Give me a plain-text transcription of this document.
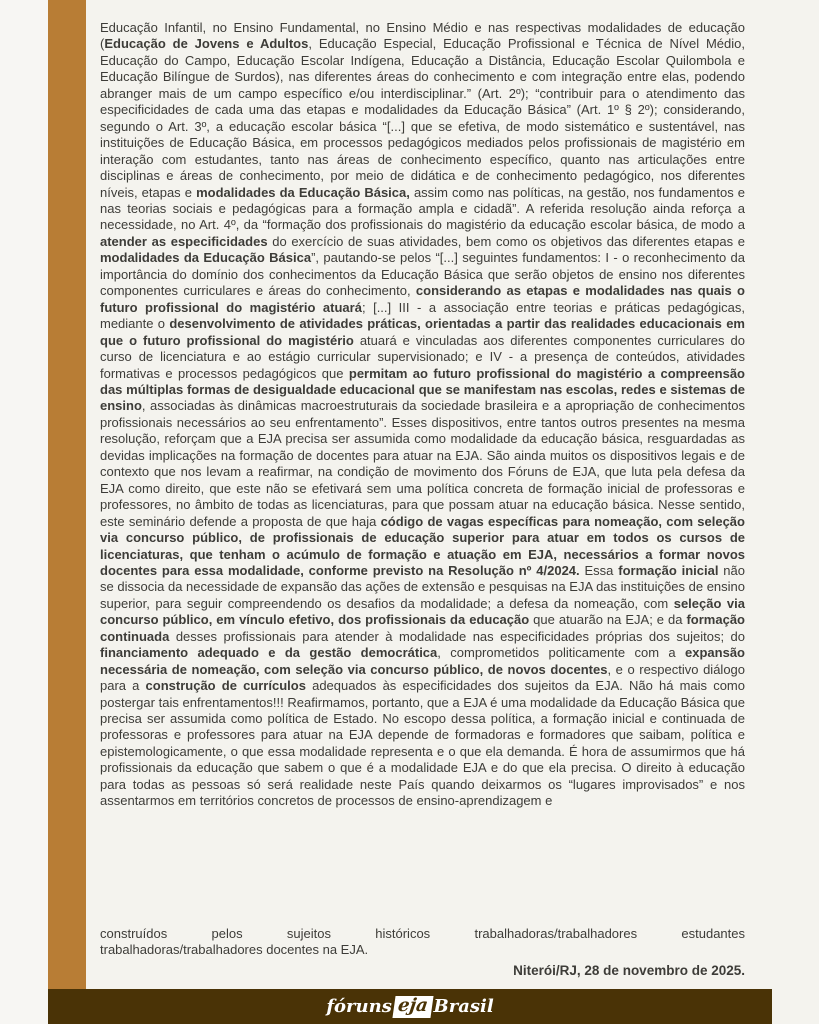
Educação Infantil, no Ensino Fundamental, no Ensino Médio e nas respectivas modalidades de educação (Educação de Jovens e Adultos, Educação Especial, Educação Profissional e Técnica de Nível Médio, Educação do Campo, Educação Escolar Indígena, Educação a Distância, Educação Escolar Quilombola e Educação Bilíngue de Surdos), nas diferentes áreas do conhecimento e com integração entre elas, podendo abranger mais de um campo específico e/ou interdisciplinar.” (Art. 2º); “contribuir para o atendimento das especificidades de cada uma das etapas e modalidades da Educação Básica” (Art. 1º § 2º); considerando, segundo o Art. 3º, a educação escolar básica “[...] que se efetiva, de modo sistemático e sustentável, nas instituições de Educação Básica, em processos pedagógicos mediados pelos profissionais de magistério em interação com estudantes, tanto nas áreas de conhecimento específico, quanto nas articulações entre disciplinas e áreas de conhecimento, por meio de didática e de conhecimento pedagógico, nos diferentes níveis, etapas e modalidades da Educação Básica, assim como nas políticas, na gestão, nos fundamentos e nas teorias sociais e pedagógicas para a formação ampla e cidadã”. A referida resolução ainda reforça a necessidade, no Art. 4º, da “formação dos profissionais do magistério da educação escolar básica, de modo a atender as especificidades do exercício de suas atividades, bem como os objetivos das diferentes etapas e modalidades da Educação Básica”, pautando-se pelos “[...] seguintes fundamentos: I - o reconhecimento da importância do domínio dos conhecimentos da Educação Básica que serão objetos de ensino nos diferentes componentes curriculares e áreas do conhecimento, considerando as etapas e modalidades nas quais o futuro profissional do magistério atuará; [...] III - a associação entre teorias e práticas pedagógicas, mediante o desenvolvimento de atividades práticas, orientadas a partir das realidades educacionais em que o futuro profissional do magistério atuará e vinculadas aos diferentes componentes curriculares do curso de licenciatura e ao estágio curricular supervisionado; e IV - a presença de conteúdos, atividades formativas e processos pedagógicos que permitam ao futuro profissional do magistério a compreensão das múltiplas formas de desigualdade educacional que se manifestam nas escolas, redes e sistemas de ensino, associadas às dinâmicas macroestruturais da sociedade brasileira e a apropriação de conhecimentos profissionais necessários ao seu enfrentamento”. Esses dispositivos, entre tantos outros presentes na mesma resolução, reforçam que a EJA precisa ser assumida como modalidade da educação básica, resguardadas as devidas implicações na formação de docentes para atuar na EJA. São ainda muitos os dispositivos legais e de contexto que nos levam a reafirmar, na condição de movimento dos Fóruns de EJA, que luta pela defesa da EJA como direito, que este não se efetivará sem uma política concreta de formação inicial de professoras e professores, no âmbito de todas as licenciaturas, para que possam atuar na educação básica. Nesse sentido, este seminário defende a proposta de que haja código de vagas específicas para nomeação, com seleção via concurso público, de profissionais de educação superior para atuar em todos os cursos de licenciaturas, que tenham o acúmulo de formação e atuação em EJA, necessários a formar novos docentes para essa modalidade, conforme previsto na Resolução nº 4/2024. Essa formação inicial não se dissocia da necessidade de expansão das ações de extensão e pesquisas na EJA das instituições de ensino superior, para seguir compreendendo os desafios da modalidade; a defesa da nomeação, com seleção via concurso público, em vínculo efetivo, dos profissionais da educação que atuarão na EJA; e da formação continuada desses profissionais para atender à modalidade nas especificidades próprias dos sujeitos; do financiamento adequado e da gestão democrática, comprometidos politicamente com a expansão necessária de nomeação, com seleção via concurso público, de novos docentes, e o respectivo diálogo para a construção de currículos adequados às especificidades dos sujeitos da EJA. Não há mais como postergar tais enfrentamentos!!! Reafirmamos, portanto, que a EJA é uma modalidade da Educação Básica que precisa ser assumida como política de Estado. No escopo dessa política, a formação inicial e continuada de professoras e professores para atuar na EJA depende de formadoras e formadores que saibam, política e epistemologicamente, o que essa modalidade representa e o que ela demanda. É hora de assumirmos que há profissionais da educação que sabem o que é a modalidade EJA e do que ela precisa. O direito à educação para todas as pessoas só será realidade neste País quando deixarmos os “lugares improvisados” e nos assentarmos em territórios concretos de processos de ensino-aprendizagem e
construídos pelos sujeitos históricos trabalhadoras/trabalhadores estudantes
trabalhadoras/trabalhadores docentes na EJA.
Niterói/RJ, 28 de novembro de 2025.
fóruns eja Brasil
